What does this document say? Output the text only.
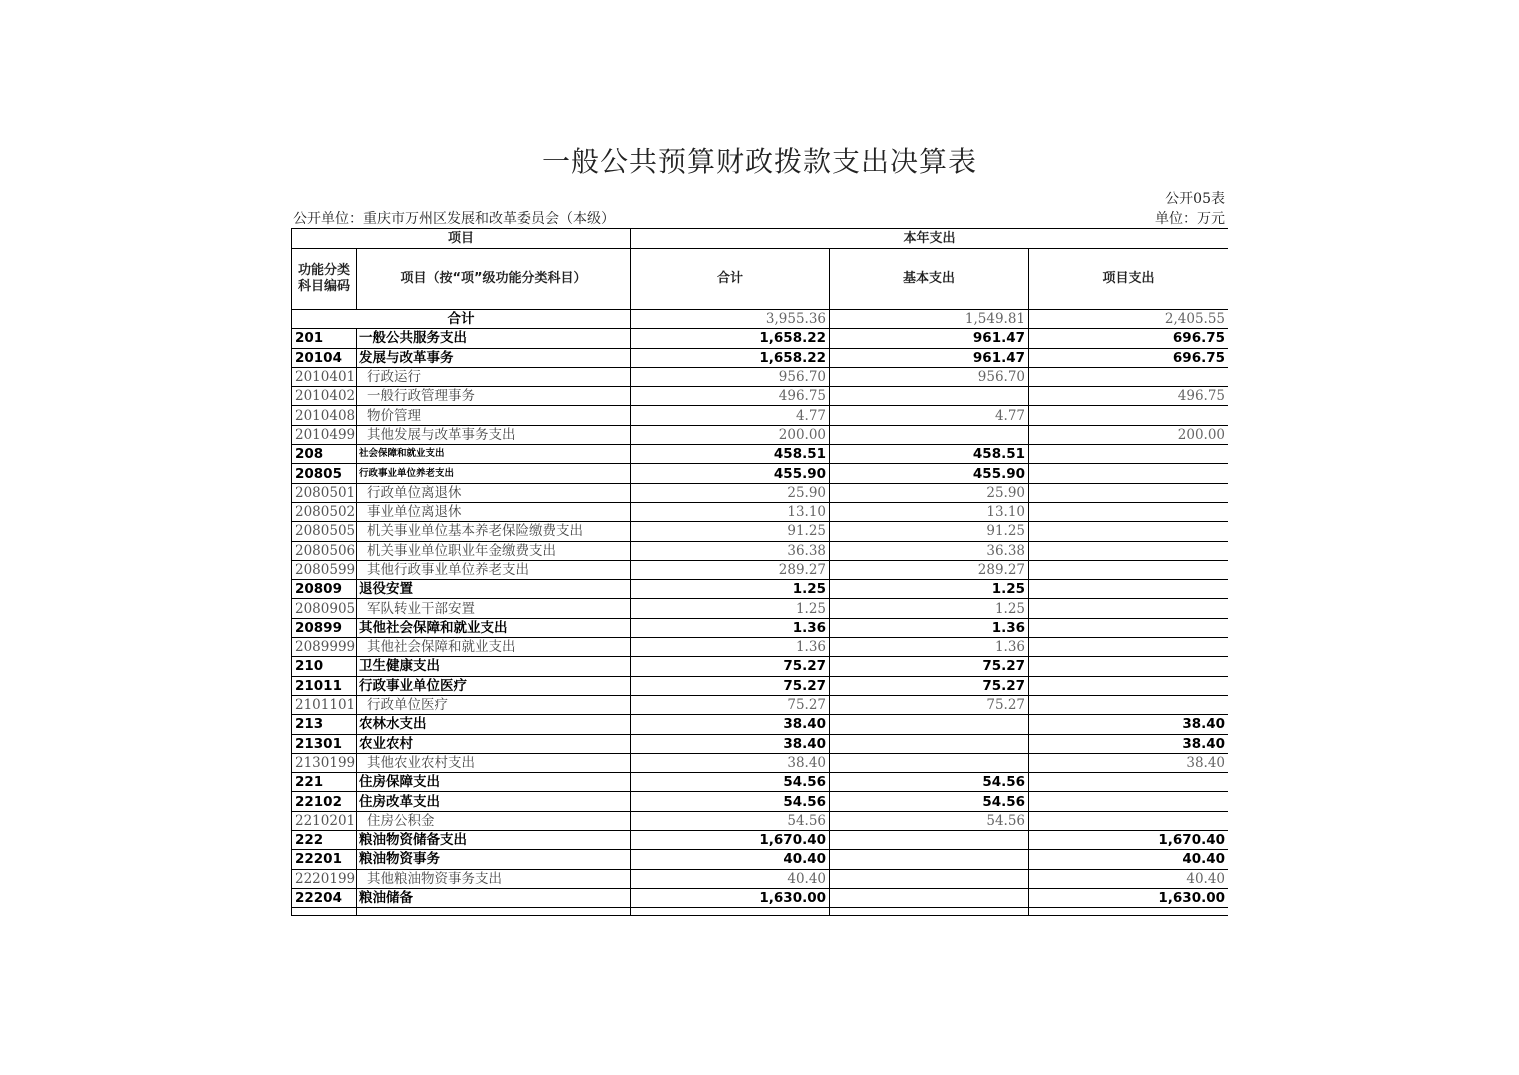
一般公共预算财政拨款支出决算表
公开05表
公开单位：重庆市万州区发展和改革委员会（本级）	单位：万元
项目		本年支出		
功能分类科目编码	项目（按“项”级功能分类科目）	合计	基本支出	项目支出
合计		3,955.36	1,549.81	2,405.55
201	一般公共服务支出	1,658.22	961.47	696.75
20104	发展与改革事务	1,658.22	961.47	696.75
2010401	行政运行	956.70	956.70	
2010402	一般行政管理事务	496.75		496.75
2010408	物价管理	4.77	4.77	
2010499	其他发展与改革事务支出	200.00		200.00
208	社会保障和就业支出	458.51	458.51	
20805	行政事业单位养老支出	455.90	455.90	
2080501	行政单位离退休	25.90	25.90	
2080502	事业单位离退休	13.10	13.10	
2080505	机关事业单位基本养老保险缴费支出	91.25	91.25	
2080506	机关事业单位职业年金缴费支出	36.38	36.38	
2080599	其他行政事业单位养老支出	289.27	289.27	
20809	退役安置	1.25	1.25	
2080905	军队转业干部安置	1.25	1.25	
20899	其他社会保障和就业支出	1.36	1.36	
2089999	其他社会保障和就业支出	1.36	1.36	
210	卫生健康支出	75.27	75.27	
21011	行政事业单位医疗	75.27	75.27	
2101101	行政单位医疗	75.27	75.27	
213	农林水支出	38.40		38.40
21301	农业农村	38.40		38.40
2130199	其他农业农村支出	38.40		38.40
221	住房保障支出	54.56	54.56	
22102	住房改革支出	54.56	54.56	
2210201	住房公积金	54.56	54.56	
222	粮油物资储备支出	1,670.40		1,670.40
22201	粮油物资事务	40.40		40.40
2220199	其他粮油物资事务支出	40.40		40.40
22204	粮油储备	1,630.00		1,630.00
